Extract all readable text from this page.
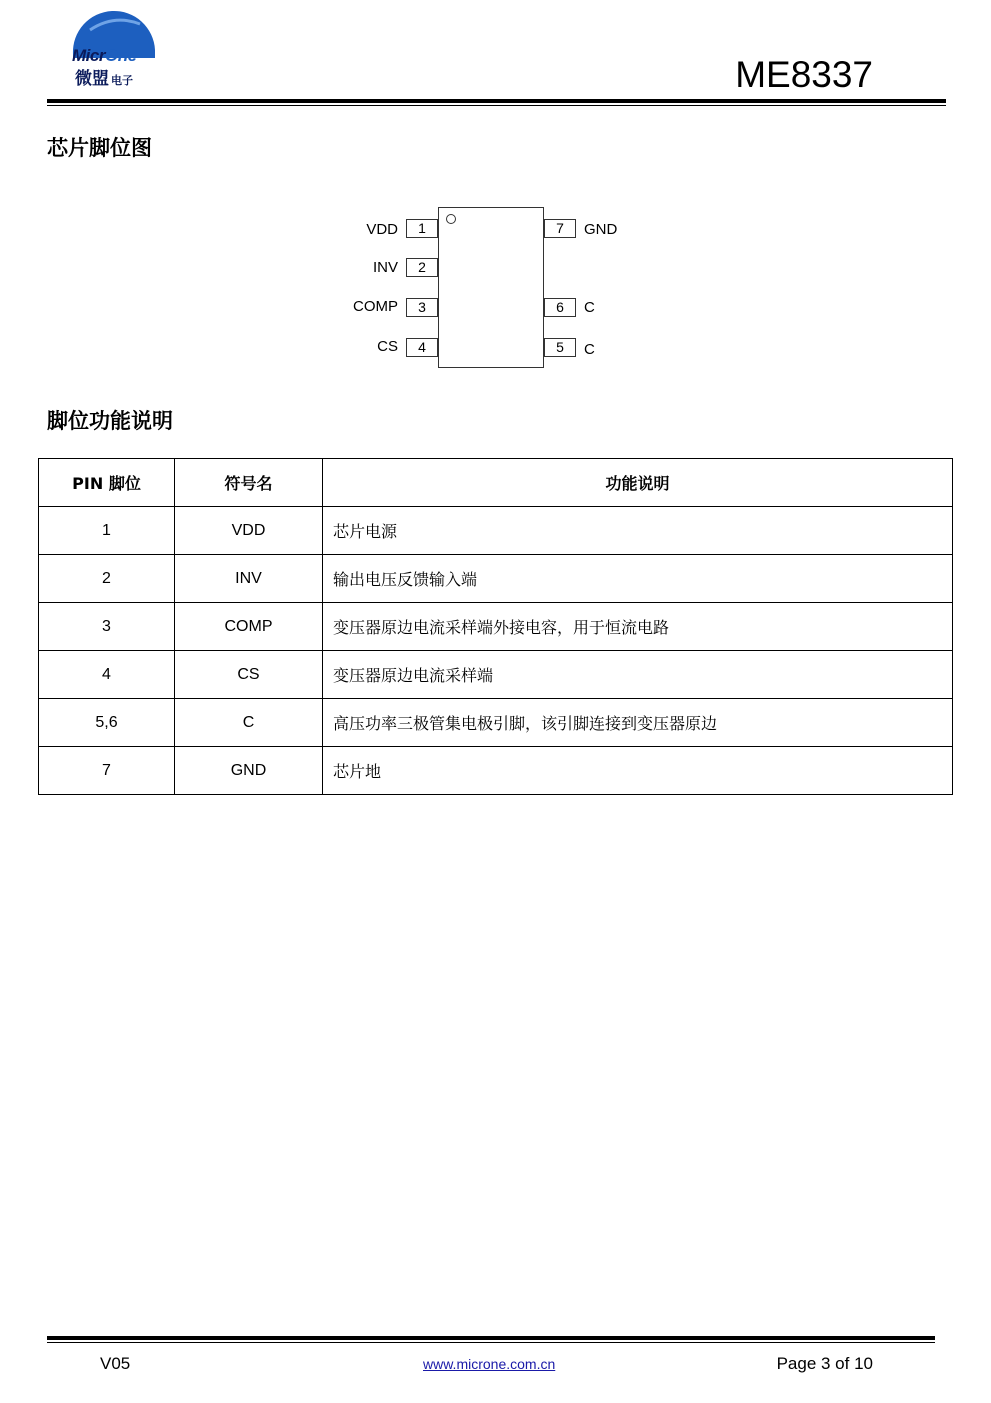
MicrOne
微盟 电子	ME8337
芯片脚位图
VDD	1
INV	2
COMP	3
CS	4
7	GND
6	C
5	C
脚位功能说明
PIN 脚位	符号名	功能说明
1	VDD	芯片电源
2	INV	输出电压反馈输入端
3	COMP	变压器原边电流采样端外接电容，用于恒流电路
4	CS	变压器原边电流采样端
5,6	C	高压功率三极管集电极引脚，该引脚连接到变压器原边
7	GND	芯片地
V05	www.microne.com.cn	Page 3 of 10
